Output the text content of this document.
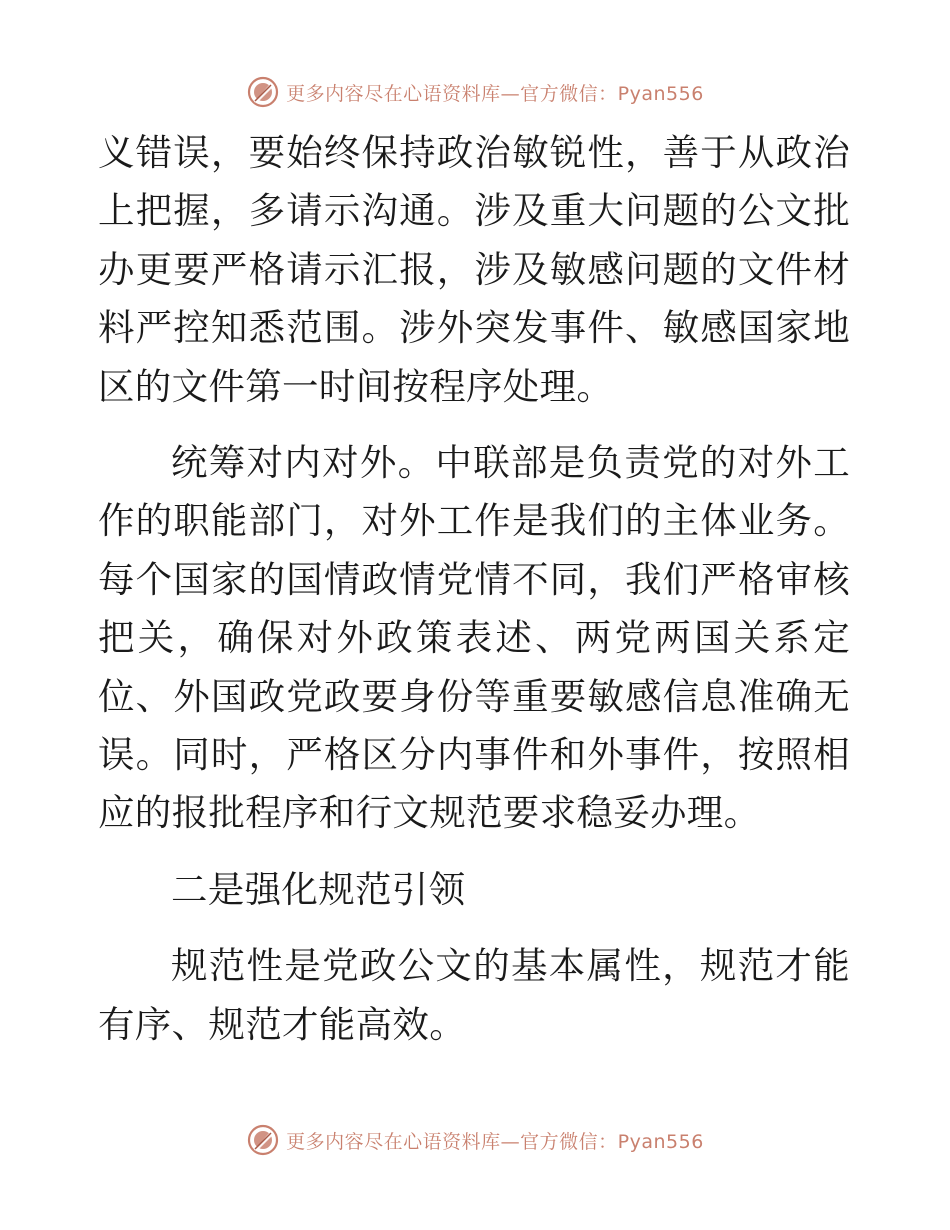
更多内容尽在心语资料库—官方微信：Pyan556

义错误，要始终保持政治敏锐性，善于从政治上把握，多请示沟通。涉及重大问题的公文批办更要严格请示汇报，涉及敏感问题的文件材料严控知悉范围。涉外突发事件、敏感国家地区的文件第一时间按程序处理。

统筹对内对外。中联部是负责党的对外工作的职能部门，对外工作是我们的主体业务。每个国家的国情政情党情不同，我们严格审核把关，确保对外政策表述、两党两国关系定位、外国政党政要身份等重要敏感信息准确无误。同时，严格区分内事件和外事件，按照相应的报批程序和行文规范要求稳妥办理。

二是强化规范引领

规范性是党政公文的基本属性，规范才能有序、规范才能高效。

更多内容尽在心语资料库—官方微信：Pyan556
